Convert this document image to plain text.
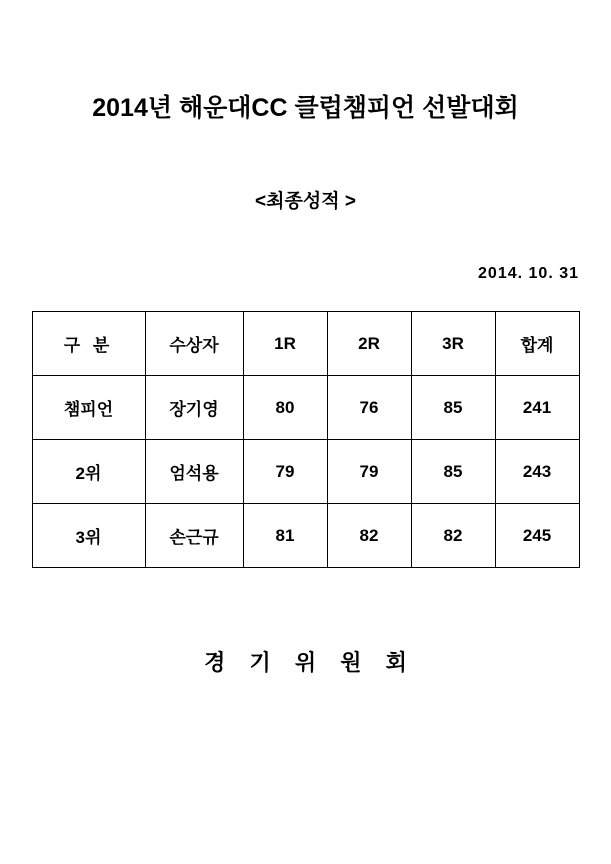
2014년 해운대CC 클럽챔피언 선발대회
<최종성적 >
2014. 10. 31
구 분	수상자	1R	2R	3R	합계
챔피언	장기영	80	76	85	241
2위	엄석용	79	79	85	243
3위	손근규	81	82	82	245
경 기 위 원 회
